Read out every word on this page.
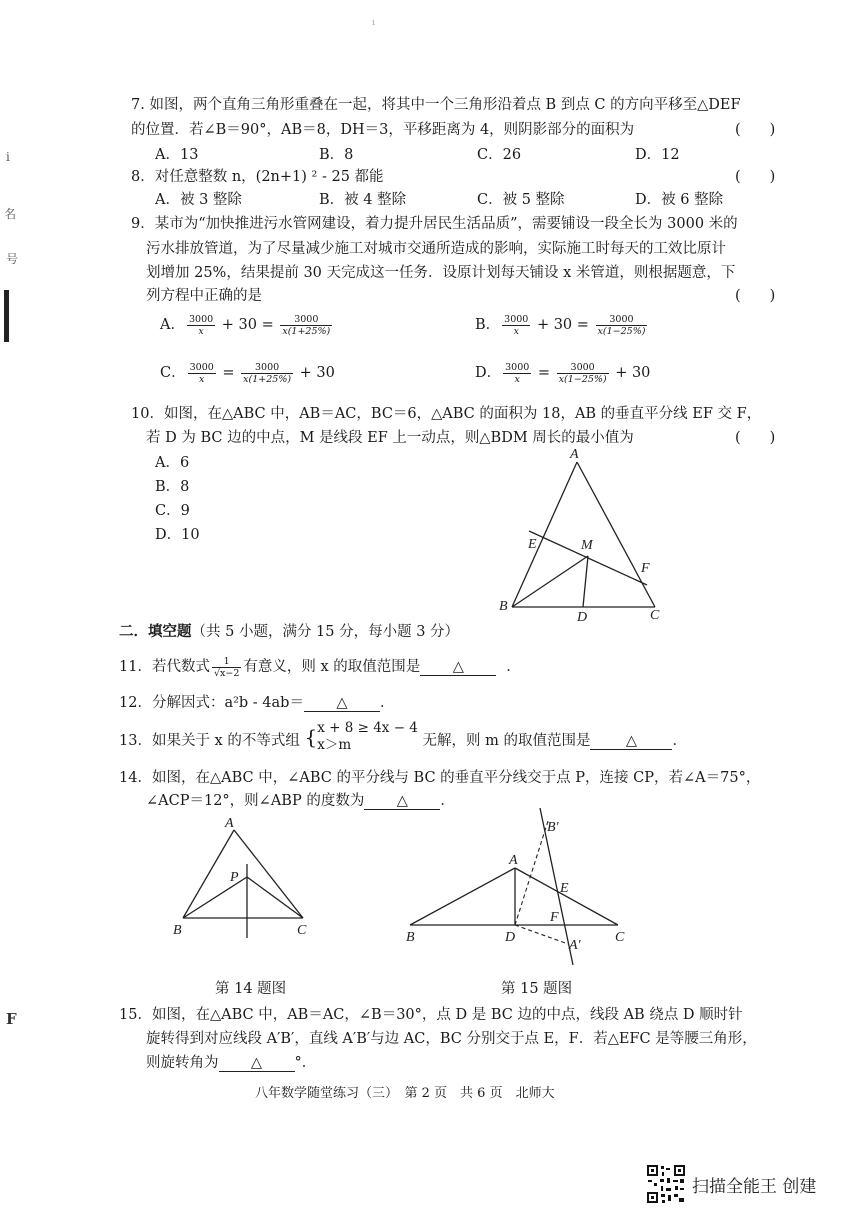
ı
i
名
号
F
7. 如图，两个直角三角形重叠在一起，将其中一个三角形沿着点 B 到点 C 的方向平移至△DEF
的位置．若∠B＝90°，AB＝8，DH＝3，平移距离为 4，则阴影部分的面积为	(　　)
A．13	B．8	C．26	D．12
8．对任意整数 n，(2n+1) ² - 25 都能	(　　)
A．被 3 整除	B．被 4 整除	C．被 5 整除	D．被 6 整除
9．某市为“加快推进污水管网建设，着力提升居民生活品质”，需要铺设一段全长为 3000 米的
污水排放管道，为了尽量减少施工对城市交通所造成的影响，实际施工时每天的工效比原计
划增加 25%，结果提前 30 天完成这一任务．设原计划每天铺设 x 米管道，则根据题意，下
列方程中正确的是	(　　)
A． $\frac{3000}{x} + 30 = \frac{3000}{x(1+25\%)}$	B． $\frac{3000}{x} + 30 = \frac{3000}{x(1-25\%)}$
C． $\frac{3000}{x} = \frac{3000}{x(1+25\%)} + 30$	D． $\frac{3000}{x} = \frac{3000}{x(1-25\%)} + 30$
10．如图，在△ABC 中，AB＝AC，BC＝6，△ABC 的面积为 18，AB 的垂直平分线 EF 交 F，
若 D 为 BC 边的中点，M 是线段 EF 上一动点，则△BDM 周长的最小值为	(　　)
A．6
B．8
C．9
D．10
A
E	M
F
B
D	C
二．填空题（共 5 小题，满分 15 分，每小题 3 分）
11．若代数式 $\frac{1}{√x-2}$ 有意义，则 x 的取值范围是 △	．
12．分解因式：a²b - 4ab＝ △ ．
13．如果关于 x 的不等式组 { x + 8 ≥ 4x − 4
x＞m	无解，则 m 的取值范围是 △ ．
14．如图，在△ABC 中，∠ABC 的平分线与 BC 的垂直平分线交于点 P，连接 CP，若∠A＝75°，
∠ACP＝12°，则∠ABP 的度数为 △ ．
A
P
B	C
B′
A
E
F
B	D
A′
C
第 14 题图	第 15 题图
15．如图，在△ABC 中，AB＝AC，∠B＝30°，点 D 是 BC 边的中点，线段 AB 绕点 D 顺时针
旋转得到对应线段 A′B′，直线 A′B′与边 AC，BC 分别交于点 E，F．若△EFC 是等腰三角形，
则旋转角为 △ °．
八年数学随堂练习（三）　第 2 页　共 6 页　北师大
扫描全能王 创建
